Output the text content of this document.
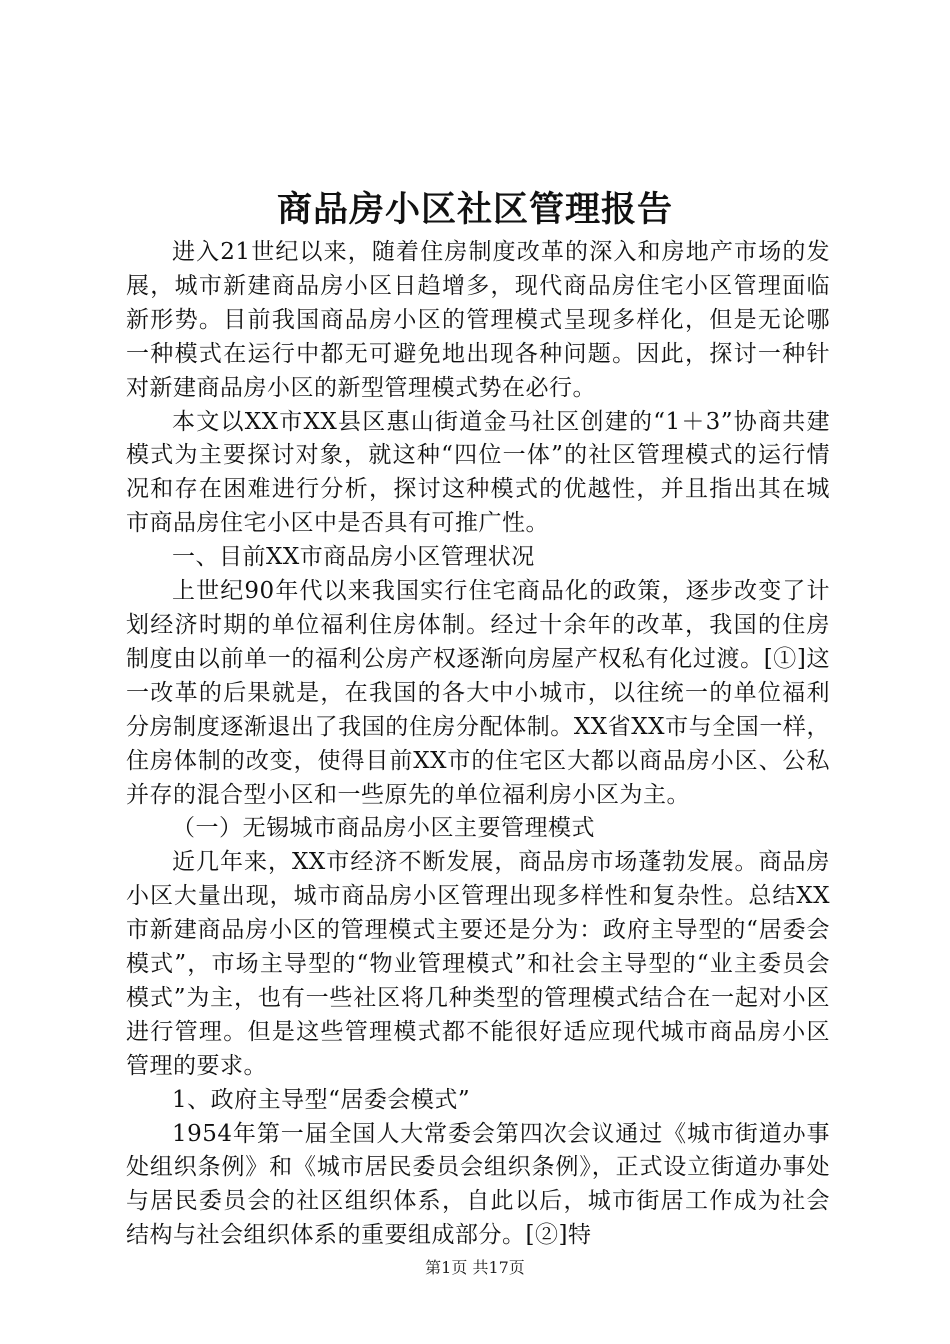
商品房小区社区管理报告

进入21世纪以来，随着住房制度改革的深入和房地产市场的发展，城市新建商品房小区日趋增多，现代商品房住宅小区管理面临新形势。目前我国商品房小区的管理模式呈现多样化，但是无论哪一种模式在运行中都无可避免地出现各种问题。因此，探讨一种针对新建商品房小区的新型管理模式势在必行。

本文以XX市XX县区惠山街道金马社区创建的“1＋3”协商共建模式为主要探讨对象，就这种“四位一体”的社区管理模式的运行情况和存在困难进行分析，探讨这种模式的优越性，并且指出其在城市商品房住宅小区中是否具有可推广性。

一、目前XX市商品房小区管理状况

上世纪90年代以来我国实行住宅商品化的政策，逐步改变了计划经济时期的单位福利住房体制。经过十余年的改革，我国的住房制度由以前单一的福利公房产权逐渐向房屋产权私有化过渡。[①]这一改革的后果就是，在我国的各大中小城市，以往统一的单位福利分房制度逐渐退出了我国的住房分配体制。XX省XX市与全国一样，住房体制的改变，使得目前XX市的住宅区大都以商品房小区、公私并存的混合型小区和一些原先的单位福利房小区为主。

（一）无锡城市商品房小区主要管理模式

近几年来，XX市经济不断发展，商品房市场蓬勃发展。商品房小区大量出现，城市商品房小区管理出现多样性和复杂性。总结XX市新建商品房小区的管理模式主要还是分为：政府主导型的“居委会模式”，市场主导型的“物业管理模式”和社会主导型的“业主委员会模式”为主，也有一些社区将几种类型的管理模式结合在一起对小区进行管理。但是这些管理模式都不能很好适应现代城市商品房小区管理的要求。

1、政府主导型“居委会模式”

1954年第一届全国人大常委会第四次会议通过《城市街道办事处组织条例》和《城市居民委员会组织条例》，正式设立街道办事处与居民委员会的社区组织体系，自此以后，城市街居工作成为社会结构与社会组织体系的重要组成部分。[②]特

第1页 共17页
